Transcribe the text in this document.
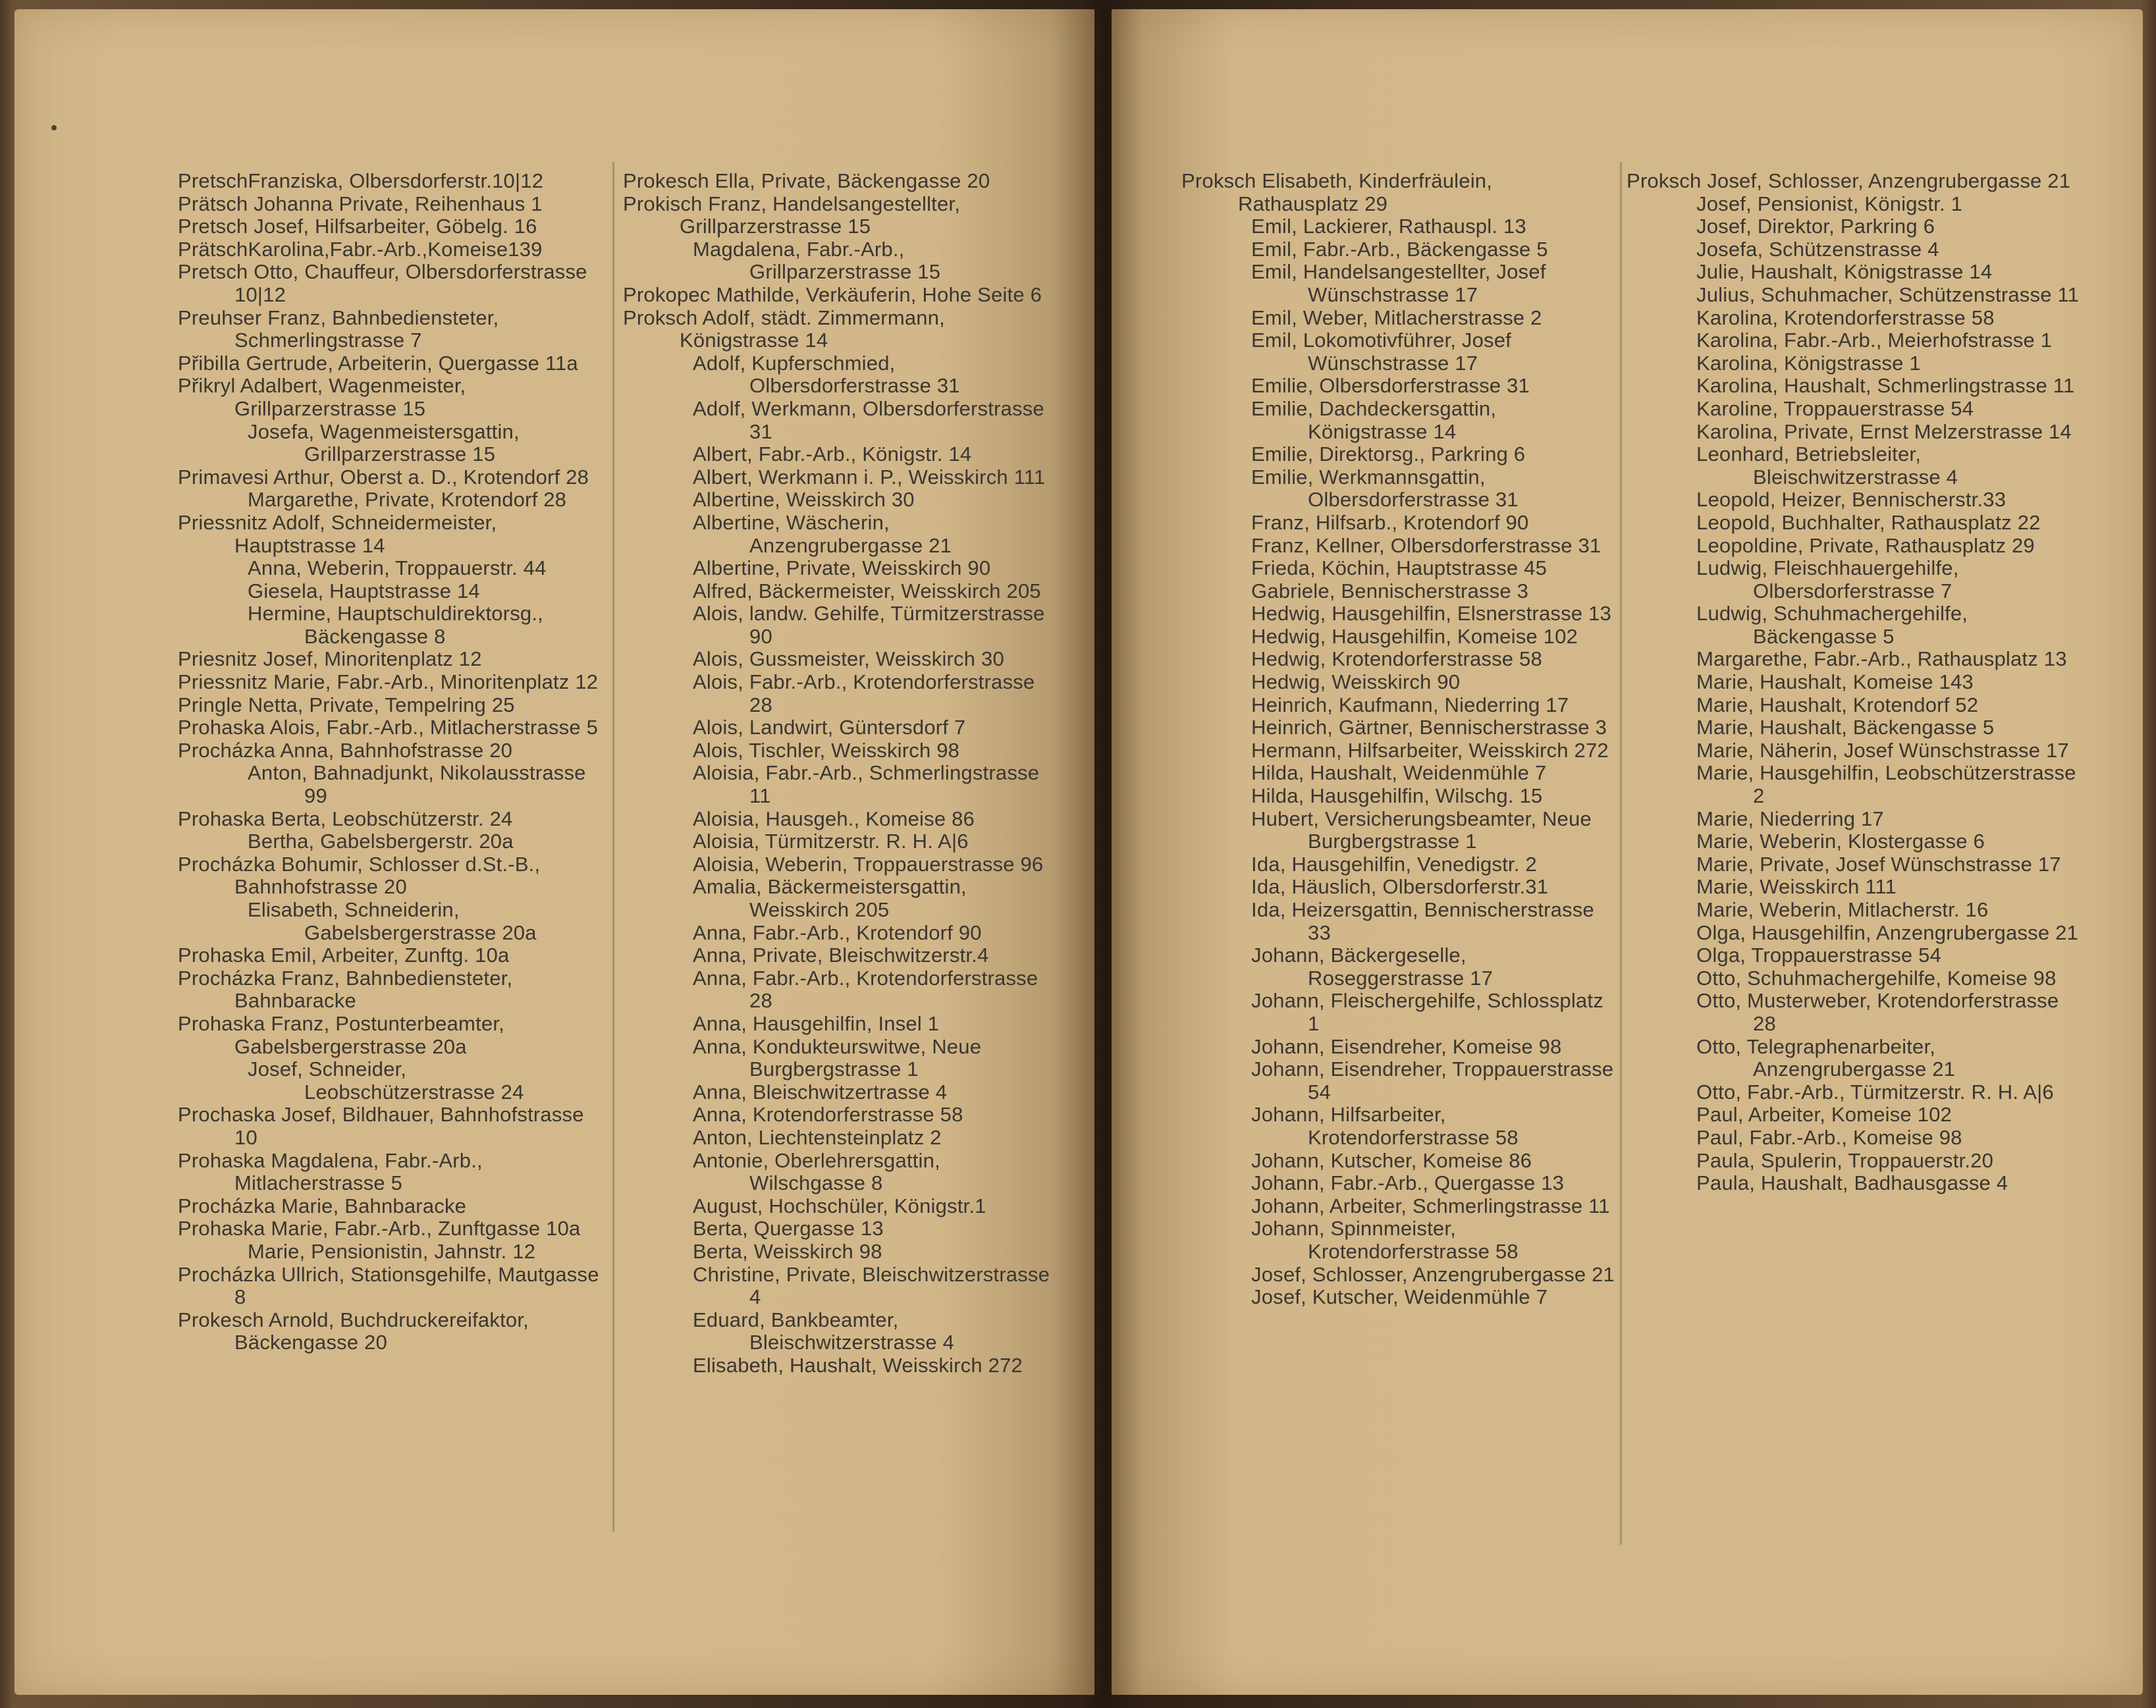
PretschFranziska, Olbersdorferstr.10|12
Prätsch Johanna Private, Reihenhaus 1
Pretsch Josef, Hilfsarbeiter, Göbelg. 16
PrätschKarolina,Fabr.-Arb.,Komeise139
Pretsch Otto, Chauffeur, Olbersdorferstrasse 10|12
Preuhser Franz, Bahnbediensteter, Schmerlingstrasse 7
Přibilla Gertrude, Arbeiterin, Quergasse 11a
Přikryl Adalbert, Wagenmeister, Grillparzerstrasse 15
Josefa, Wagenmeistersgattin, Grillparzerstrasse 15
Primavesi Arthur, Oberst a. D., Krotendorf 28
Margarethe, Private, Krotendorf 28
Priessnitz Adolf, Schneidermeister, Hauptstrasse 14
Anna, Weberin, Troppauerstr. 44
Giesela, Hauptstrasse 14
Hermine, Hauptschuldirektorsg., Bäckengasse 8
Priesnitz Josef, Minoritenplatz 12
Priessnitz Marie, Fabr.-Arb., Minoritenplatz 12
Pringle Netta, Private, Tempelring 25
Prohaska Alois, Fabr.-Arb., Mitlacherstrasse 5
Procházka Anna, Bahnhofstrasse 20
Anton, Bahnadjunkt, Nikolausstrasse 99
Prohaska Berta, Leobschützerstr. 24
Bertha, Gabelsbergerstr. 20a
Procházka Bohumir, Schlosser d.St.-B., Bahnhofstrasse 20
Elisabeth, Schneiderin, Gabelsbergerstrasse 20a
Prohaska Emil, Arbeiter, Zunftg. 10a
Procházka Franz, Bahnbediensteter, Bahnbaracke
Prohaska Franz, Postunterbeamter, Gabelsbergerstrasse 20a
Josef, Schneider, Leobschützerstrasse 24
Prochaska Josef, Bildhauer, Bahnhofstrasse 10
Prohaska Magdalena, Fabr.-Arb., Mitlacherstrasse 5
Procházka Marie, Bahnbaracke
Prohaska Marie, Fabr.-Arb., Zunftgasse 10a
Marie, Pensionistin, Jahnstr. 12
Procházka Ullrich, Stationsgehilfe, Mautgasse 8
Prokesch Arnold, Buchdruckereifaktor, Bäckengasse 20
Prokesch Ella, Private, Bäckengasse 20
Prokisch Franz, Handelsangestellter, Grillparzerstrasse 15
Magdalena, Fabr.-Arb., Grillparzerstrasse 15
Prokopec Mathilde, Verkäuferin, Hohe Seite 6
Proksch Adolf, städt. Zimmermann, Königstrasse 14
Adolf, Kupferschmied, Olbersdorferstrasse 31
Adolf, Werkmann, Olbersdorferstrasse 31
Albert, Fabr.-Arb., Königstr. 14
Albert, Werkmann i. P., Weisskirch 111
Albertine, Weisskirch 30
Albertine, Wäscherin, Anzengrubergasse 21
Albertine, Private, Weisskirch 90
Alfred, Bäckermeister, Weisskirch 205
Alois, landw. Gehilfe, Türmitzerstrasse 90
Alois, Gussmeister, Weisskirch 30
Alois, Fabr.-Arb., Krotendorferstrasse 28
Alois, Landwirt, Güntersdorf 7
Alois, Tischler, Weisskirch 98
Aloisia, Fabr.-Arb., Schmerlingstrasse 11
Aloisia, Hausgeh., Komeise 86
Aloisia, Türmitzerstr. R. H. A|6
Aloisia, Weberin, Troppauerstrasse 96
Amalia, Bäckermeistersgattin, Weisskirch 205
Anna, Fabr.-Arb., Krotendorf 90
Anna, Private, Bleischwitzerstr.4
Anna, Fabr.-Arb., Krotendorferstrasse 28
Anna, Hausgehilfin, Insel 1
Anna, Kondukteurswitwe, Neue Burgbergstrasse 1
Anna, Bleischwitzertrasse 4
Anna, Krotendorferstrasse 58
Anton, Liechtensteinplatz 2
Antonie, Oberlehrersgattin, Wilschgasse 8
August, Hochschüler, Königstr.1
Berta, Quergasse 13
Berta, Weisskirch 98
Christine, Private, Bleischwitzerstrasse 4
Eduard, Bankbeamter, Bleischwitzerstrasse 4
Elisabeth, Haushalt, Weisskirch 272
Proksch Elisabeth, Kinderfräulein, Rathausplatz 29
Emil, Lackierer, Rathauspl. 13
Emil, Fabr.-Arb., Bäckengasse 5
Emil, Handelsangestellter, Josef Wünschstrasse 17
Emil, Weber, Mitlacherstrasse 2
Emil, Lokomotivführer, Josef Wünschstrasse 17
Emilie, Olbersdorferstrasse 31
Emilie, Dachdeckersgattin, Königstrasse 14
Emilie, Direktorsg., Parkring 6
Emilie, Werkmannsgattin, Olbersdorferstrasse 31
Franz, Hilfsarb., Krotendorf 90
Franz, Kellner, Olbersdorferstrasse 31
Frieda, Köchin, Hauptstrasse 45
Gabriele, Bennischerstrasse 3
Hedwig, Hausgehilfin, Elsnerstrasse 13
Hedwig, Hausgehilfin, Komeise 102
Hedwig, Krotendorferstrasse 58
Hedwig, Weisskirch 90
Heinrich, Kaufmann, Niederring 17
Heinrich, Gärtner, Bennischerstrasse 3
Hermann, Hilfsarbeiter, Weisskirch 272
Hilda, Haushalt, Weidenmühle 7
Hilda, Hausgehilfin, Wilschg. 15
Hubert, Versicherungsbeamter, Neue Burgbergstrasse 1
Ida, Hausgehilfin, Venedigstr. 2
Ida, Häuslich, Olbersdorferstr.31
Ida, Heizersgattin, Bennischerstrasse 33
Johann, Bäckergeselle, Roseggerstrasse 17
Johann, Fleischergehilfe, Schlossplatz 1
Johann, Eisendreher, Komeise 98
Johann, Eisendreher, Troppauerstrasse 54
Johann, Hilfsarbeiter, Krotendorferstrasse 58
Johann, Kutscher, Komeise 86
Johann, Fabr.-Arb., Quergasse 13
Johann, Arbeiter, Schmerlingstrasse 11
Johann, Spinnmeister, Krotendorferstrasse 58
Josef, Schlosser, Anzengrubergasse 21
Josef, Kutscher, Weidenmühle 7
Proksch Josef, Schlosser, Anzengrubergasse 21
Josef, Pensionist, Königstr. 1
Josef, Direktor, Parkring 6
Josefa, Schützenstrasse 4
Julie, Haushalt, Königstrasse 14
Julius, Schuhmacher, Schützenstrasse 11
Karolina, Krotendorferstrasse 58
Karolina, Fabr.-Arb., Meierhofstrasse 1
Karolina, Königstrasse 1
Karolina, Haushalt, Schmerlingstrasse 11
Karoline, Troppauerstrasse 54
Karolina, Private, Ernst Melzerstrasse 14
Leonhard, Betriebsleiter, Bleischwitzerstrasse 4
Leopold, Heizer, Bennischerstr.33
Leopold, Buchhalter, Rathausplatz 22
Leopoldine, Private, Rathausplatz 29
Ludwig, Fleischhauergehilfe, Olbersdorferstrasse 7
Ludwig, Schuhmachergehilfe, Bäckengasse 5
Margarethe, Fabr.-Arb., Rathausplatz 13
Marie, Haushalt, Komeise 143
Marie, Haushalt, Krotendorf 52
Marie, Haushalt, Bäckengasse 5
Marie, Näherin, Josef Wünschstrasse 17
Marie, Hausgehilfin, Leobschützerstrasse 2
Marie, Niederring 17
Marie, Weberin, Klostergasse 6
Marie, Private, Josef Wünschstrasse 17
Marie, Weisskirch 111
Marie, Weberin, Mitlacherstr. 16
Olga, Hausgehilfin, Anzengrubergasse 21
Olga, Troppauerstrasse 54
Otto, Schuhmachergehilfe, Komeise 98
Otto, Musterweber, Krotendorferstrasse 28
Otto, Telegraphenarbeiter, Anzengrubergasse 21
Otto, Fabr.-Arb., Türmitzerstr. R. H. A|6
Paul, Arbeiter, Komeise 102
Paul, Fabr.-Arb., Komeise 98
Paula, Spulerin, Troppauerstr.20
Paula, Haushalt, Badhausgasse 4
